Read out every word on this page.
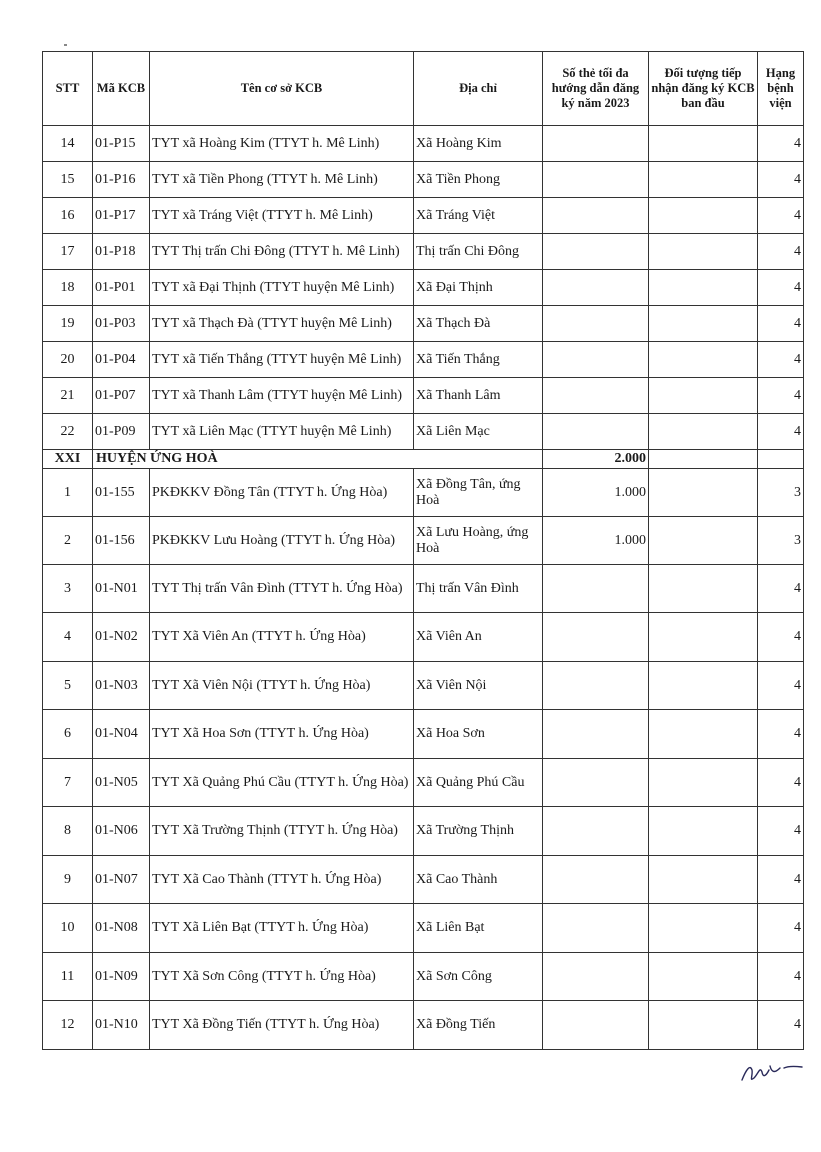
STT	Mã KCB	Tên cơ sở KCB	Địa chỉ	Số thẻ tối đa hướng dẫn đăng ký năm 2023	Đối tượng tiếp nhận đăng ký KCB ban đầu	Hạng bệnh viện
14	01-P15	TYT xã Hoàng Kim (TTYT h. Mê Linh)	Xã Hoàng Kim			4
15	01-P16	TYT xã Tiền Phong (TTYT h. Mê Linh)	Xã Tiền Phong			4
16	01-P17	TYT xã Tráng Việt (TTYT h. Mê Linh)	Xã Tráng Việt			4
17	01-P18	TYT Thị trấn Chi Đông (TTYT h. Mê Linh)	Thị trấn Chi Đông			4
18	01-P01	TYT xã Đại Thịnh (TTYT huyện Mê Linh)	Xã Đại Thịnh			4
19	01-P03	TYT xã Thạch Đà (TTYT huyện Mê Linh)	Xã Thạch Đà			4
20	01-P04	TYT xã Tiến Thắng (TTYT huyện Mê Linh)	Xã Tiến Thắng			4
21	01-P07	TYT xã Thanh Lâm (TTYT huyện Mê Linh)	Xã Thanh Lâm			4
22	01-P09	TYT xã Liên Mạc (TTYT huyện Mê Linh)	Xã Liên Mạc			4
XXI	HUYỆN ỨNG HOÀ			2.000		
1	01-155	PKĐKKV Đồng Tân (TTYT h. Ứng Hòa)	Xã Đồng Tân, ứng Hoà	1.000		3
2	01-156	PKĐKKV Lưu Hoàng (TTYT h. Ứng Hòa)	Xã Lưu Hoàng, ứng Hoà	1.000		3
3	01-N01	TYT Thị trấn Vân Đình (TTYT h. Ứng Hòa)	Thị trấn Vân Đình			4
4	01-N02	TYT Xã Viên An (TTYT h. Ứng Hòa)	Xã Viên An			4
5	01-N03	TYT Xã Viên Nội (TTYT h. Ứng Hòa)	Xã Viên Nội			4
6	01-N04	TYT Xã Hoa Sơn (TTYT h. Ứng Hòa)	Xã Hoa Sơn			4
7	01-N05	TYT Xã Quảng Phú Cầu (TTYT h. Ứng Hòa)	Xã Quảng Phú Cầu			4
8	01-N06	TYT Xã Trường Thịnh (TTYT h. Ứng Hòa)	Xã Trường Thịnh			4
9	01-N07	TYT Xã Cao Thành (TTYT h. Ứng Hòa)	Xã Cao Thành			4
10	01-N08	TYT Xã Liên Bạt (TTYT h. Ứng Hòa)	Xã Liên Bạt			4
11	01-N09	TYT Xã Sơn Công (TTYT h. Ứng Hòa)	Xã Sơn Công			4
12	01-N10	TYT Xã Đồng Tiến (TTYT h. Ứng Hòa)	Xã Đồng Tiến			4
